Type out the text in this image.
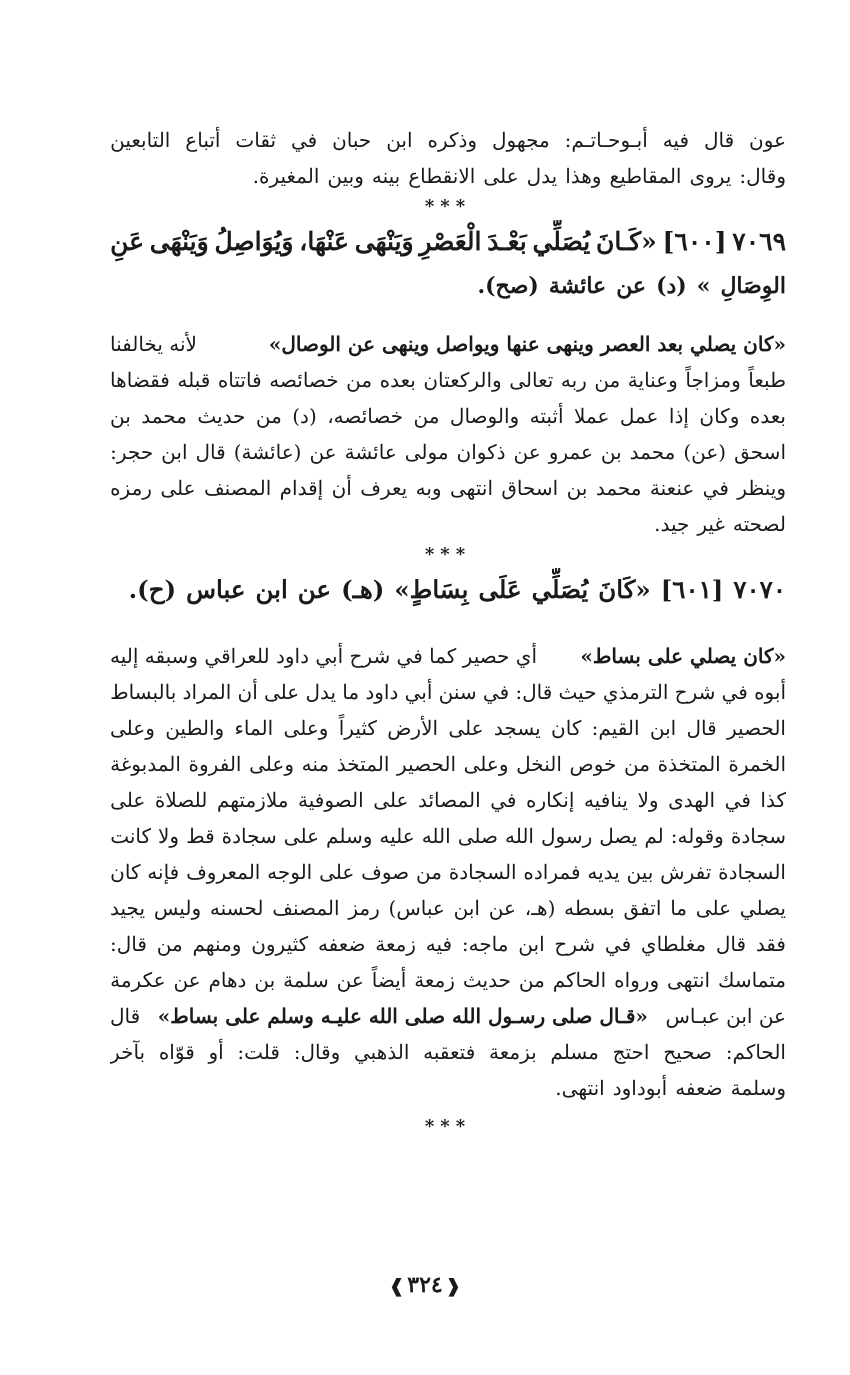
عون
قال
فيه
أبـوحـاتـم:
مجهول
وذكره
ابن
حبان
في
ثقات
أتباع
التابعين
وقال:
يروى
المقاطيع
وهذا
يدل
على
الانقطاع
بينه
وبين
المغيرة.
***
٧٠٦٩
[٦٠٠]
«كَـانَ
يُصَلِّي
بَعْـدَ
الْعَصْرِ
وَيَنْهَى
عَنْهَا،
وَيُوَاصِلُ
وَيَنْهَى
عَنِ
الوِصَالِ
»
(د)
عن
عائشة
(صح).
«كان يصلي بعد العصر وينهى عنها ويواصل وينهى عن الوصال»
لأنه يخالفنا
طبعاً
ومزاجاً
وعناية
من
ربه
تعالى
والركعتان
بعده
من
خصائصه
فاتتاه
قبله
فقضاها
بعده
وكان
إذا
عمل
عملا
أثبته
والوصال
من
خصائصه،
(د)
من
حديث
محمد
بن
اسحق
(عن)
محمد
بن
عمرو
عن
ذكوان
مولى
عائشة
عن
(عائشة)
قال
ابن
حجر:
وينظر
في
عنعنة
محمد
بن
اسحاق
انتهى
وبه
يعرف
أن
إقدام
المصنف
على
رمزه
لصحته
غير
جيد.
***
٧٠٧٠
[٦٠١]
«كَانَ
يُصَلِّي
عَلَى
بِسَاطٍ»
(هـ)
عن
ابن
عباس
(ح).
«كان يصلي على بساط»
أي حصير كما في شرح أبي داود للعراقي وسبقه إليه
أبوه
في
شرح
الترمذي
حيث
قال:
في
سنن
أبي
داود
ما
يدل
على
أن
المراد
بالبساط
الحصير
قال
ابن
القيم:
كان
يسجد
على
الأرض
كثيراً
وعلى
الماء
والطين
وعلى
الخمرة
المتخذة
من
خوص
النخل
وعلى
الحصير
المتخذ
منه
وعلى
الفروة
المدبوغة
كذا
في
الهدى
ولا
ينافيه
إنكاره
في
المصائد
على
الصوفية
ملازمتهم
للصلاة
على
سجادة
وقوله:
لم
يصل
رسول
الله
صلى
الله
عليه
وسلم
على
سجادة
قط
ولا
كانت
السجادة
تفرش
بين
يديه
فمراده
السجادة
من
صوف
على
الوجه
المعروف
فإنه
كان
يصلي
على
ما
اتفق
بسطه
(هـ،
عن
ابن
عباس)
رمز
المصنف
لحسنه
وليس
يجيد
فقد
قال
مغلطاي
في
شرح
ابن
ماجه:
فيه
زمعة
ضعفه
كثيرون
ومنهم
من
قال:
متماسك
انتهى
ورواه
الحاكم
من
حديث
زمعة
أيضاً
عن
سلمة
بن
دهام
عن
عكرمة
عن ابن عبـاس
«قـال صلى رسـول الله صلى الله عليـه وسلم على بساط»
قال
الحاكم:
صحيح
احتج
مسلم
بزمعة
فتعقبه
الذهبي
وقال:
قلت:
أو
قوّاه
بآخر
وسلمة
ضعفه
أبوداود
انتهى.
***
❰٣٢٤❱
